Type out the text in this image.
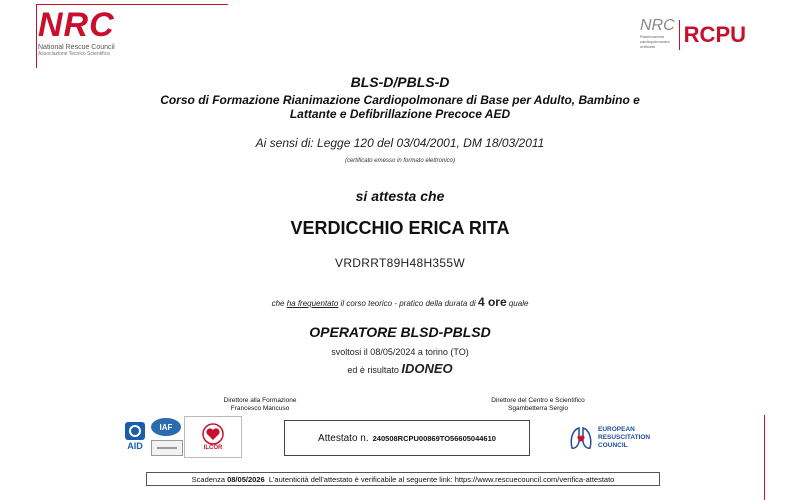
NRC
National Rescue Council
Associazione Tecnico Scientifica
NRC
Rianimazione
cardiopolmonare
unificata	RCPU
BLS-D/PBLS-D
Corso di Formazione Rianimazione Cardiopolmonare di Base per Adulto, Bambino e
Lattante e Defibrillazione Precoce AED
Ai sensi di: Legge 120 del 03/04/2001, DM 18/03/2011
(certificato emesso in formato elettronico)
si attesta che
VERDICCHIO ERICA RITA
VRDRRT89H48H355W
che ha frequentato il corso teorico - pratico della durata di 4 ore quale
OPERATORE BLSD-PBLSD
svoltosi il 08/05/2024 a torino (TO)
ed è risultato IDONEO
Direttore alla Formazione
Francesco Mancuso
Direttore del Centro e Scientifico
Sgambetterra Sergio
AID
IAF
ILCOR
Attestato n. 240508RCPU00869TO56605044610
EUROPEAN
RESUSCITATION
COUNCIL
Scadenza
08/05/2026
L'autenticità dell'attestato è verificabile al seguente link: https://www.rescuecouncil.com/verifica-attestato
